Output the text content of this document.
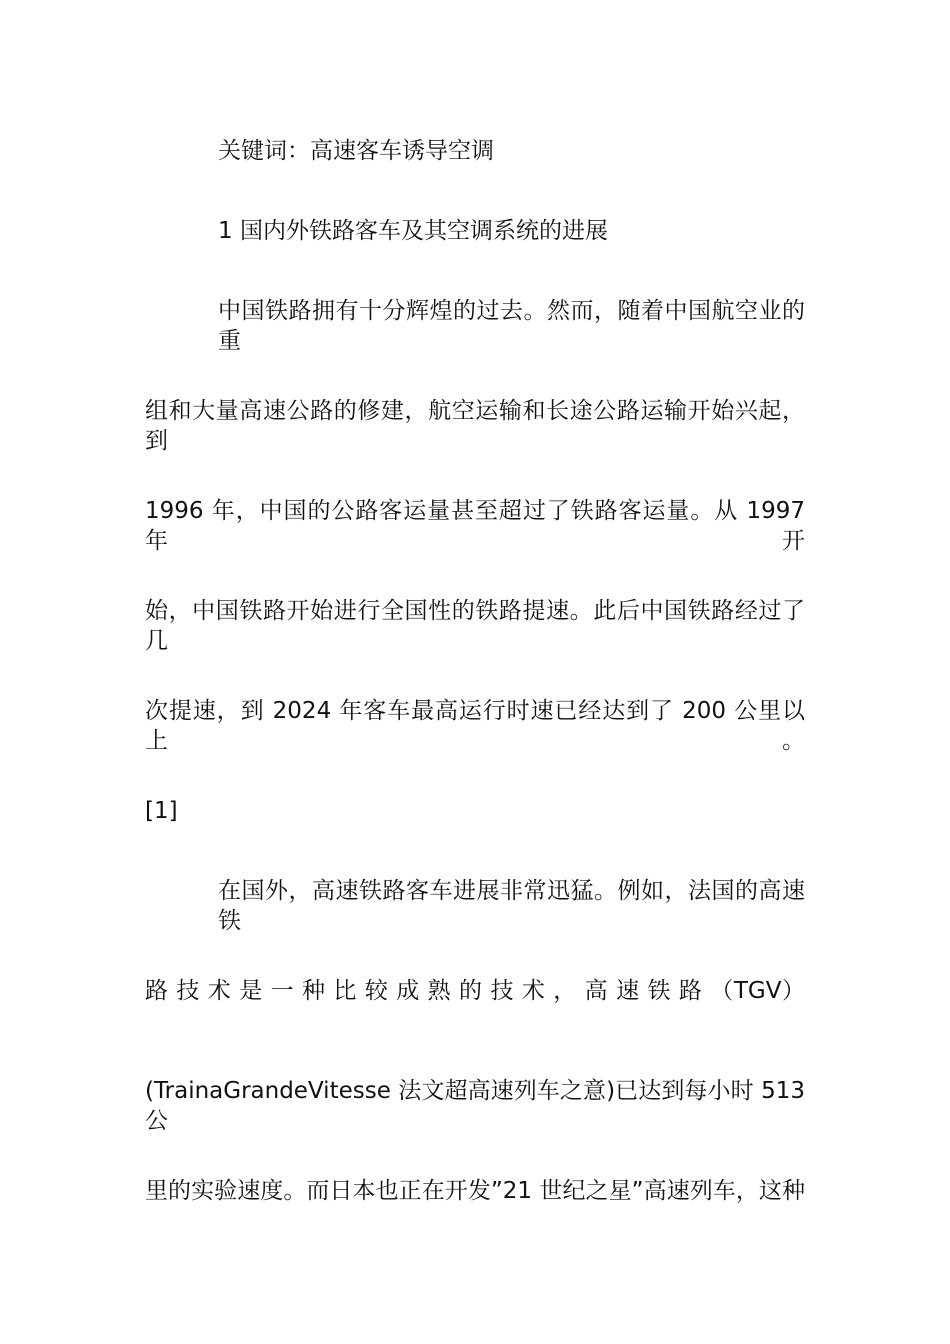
关键词：高速客车诱导空调
1 国内外铁路客车及其空调系统的进展
中国铁路拥有十分辉煌的过去。然而，随着中国航空业的重
组和大量高速公路的修建，航空运输和长途公路运输开始兴起，到
1996 年，中国的公路客运量甚至超过了铁路客运量。从 1997 年开
始，中国铁路开始进行全国性的铁路提速。此后中国铁路经过了几
次提速，到 2024 年客车最高运行时速已经达到了 200 公里以上。
[1]
在国外，高速铁路客车进展非常迅猛。例如，法国的高速铁
路 技 术 是 一 种 比 较 成 熟 的 技 术 ， 高 速 铁 路 （TGV）
(TrainaGrandeVitesse 法文超高速列车之意)已达到每小时 513 公
里的实验速度。而日本也正在开发”21 世纪之星”高速列车，这种
